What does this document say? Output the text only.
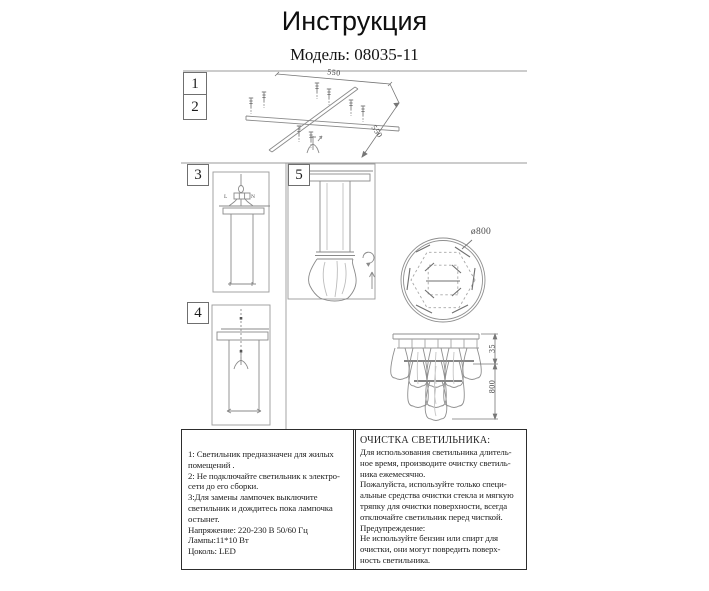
Инструкция
Модель: 08035-11
1
2
3
4
5
550
550
ø800
35
800
L	N
1: Светильник предназначен для жилых
помещений .
2: Не подключайте светильник к электро-
сети до его сборки.
3:Для замены лампочек выключите
светильник и дождитесь пока лампочка
остынет.
Напряжение: 220-230 В 50/60 Гц
Лампы:11*10 Вт
Цоколь: LED
ОЧИСТКА СВЕТИЛЬНИКА:
Для использования светильника длитель-
ное время, производите очистку светиль-
ника ежемесячно.
Пожалуйста, используйте только специ-
альные средства очистки стекла и мягкую
тряпку для очистки поверхности, всегда
отключайте светильник перед чисткой.
Предупреждение:
Не используйте бензин или спирт для
очистки, они могут повредить поверх-
ность светильника.
